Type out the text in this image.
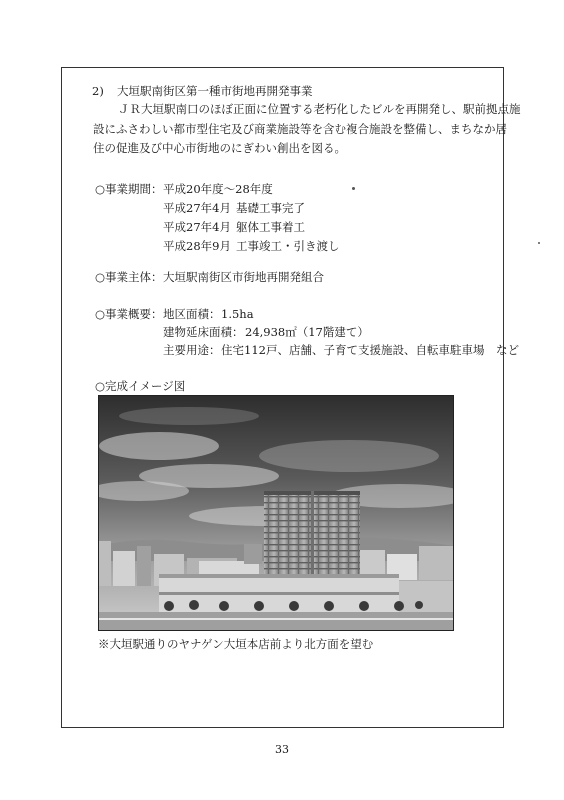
2) 大垣駅南街区第一種市街地再開発事業
ＪＲ大垣駅南口のほぼ正面に位置する老朽化したビルを再開発し、駅前拠点施
設にふさわしい都市型住宅及び商業施設等を含む複合施設を整備し、まちなか居
住の促進及び中心市街地のにぎわい創出を図る。
○事業期間： 平成20年度～28年度
平成27年4月 基礎工事完了
平成27年4月 躯体工事着工
平成28年9月 工事竣工・引き渡し
○事業主体： 大垣駅南街区市街地再開発組合
○事業概要： 地区面積： 1.5ha
建物延床面積： 24,938㎡（17階建て）
主要用途： 住宅112戸、店舗、子育て支援施設、自転車駐車場　など
○完成イメージ図
※大垣駅通りのヤナゲン大垣本店前より北方面を望む
33
